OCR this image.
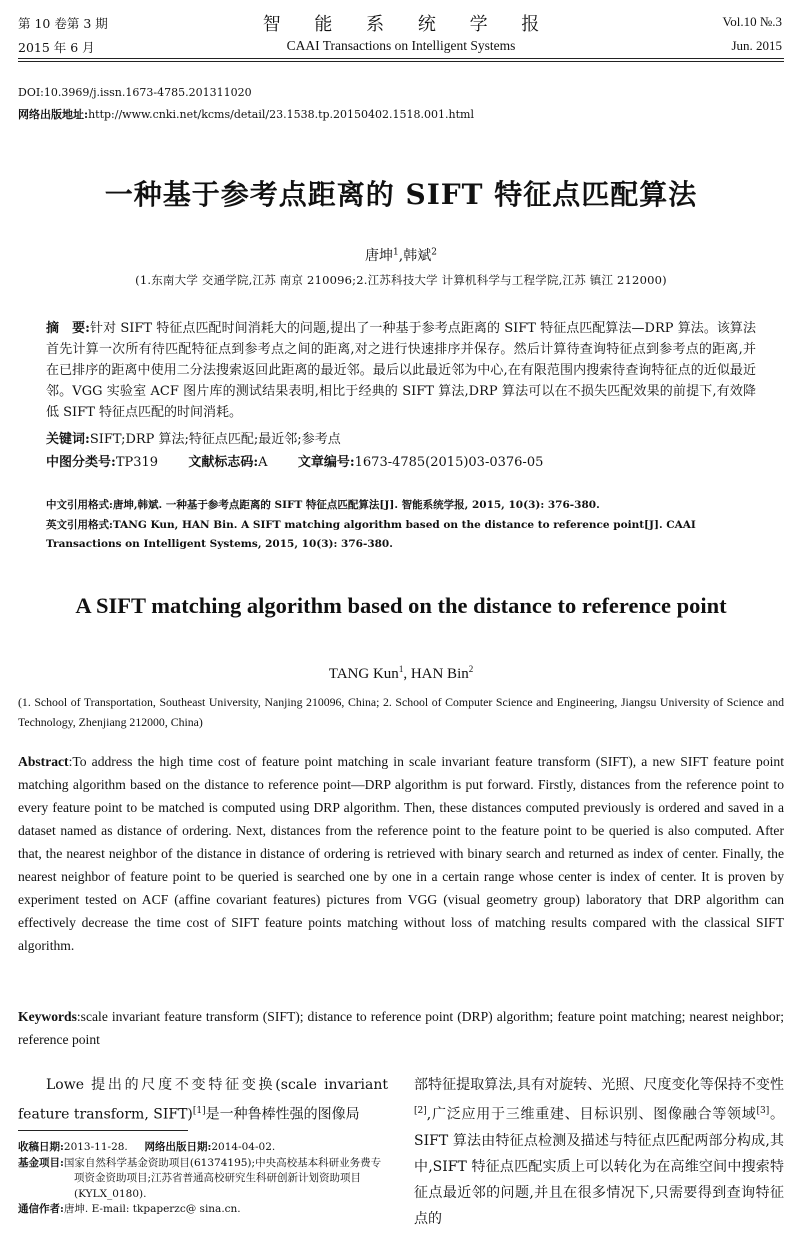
第 10 卷第 3 期
2015 年 6 月
智 能 系 统 学 报
CAAI Transactions on Intelligent Systems
Vol.10 №.3
Jun. 2015
DOI:10.3969/j.issn.1673-4785.201311020
网络出版地址:http://www.cnki.net/kcms/detail/23.1538.tp.20150402.1518.001.html
一种基于参考点距离的 SIFT 特征点匹配算法
唐坤$^1$,韩斌$^2$
(1.东南大学 交通学院,江苏 南京 210096;2.江苏科技大学 计算机科学与工程学院,江苏 镇江 212000)
摘　要:针对 SIFT 特征点匹配时间消耗大的问题,提出了一种基于参考点距离的 SIFT 特征点匹配算法—DRP 算法。该算法首先计算一次所有待匹配特征点到参考点之间的距离,对之进行快速排序并保存。然后计算待查询特征点到参考点的距离,并在已排序的距离中使用二分法搜索返回此距离的最近邻。最后以此最近邻为中心,在有限范围内搜索待查询特征点的近似最近邻。VGG 实验室 ACF 图片库的测试结果表明,相比于经典的 SIFT 算法,DRP 算法可以在不损失匹配效果的前提下,有效降低 SIFT 特征点匹配的时间消耗。
关键词:SIFT;DRP 算法;特征点匹配;最近邻;参考点
中图分类号:TP319 文献标志码:A 文章编号:1673-4785(2015)03-0376-05
中文引用格式:唐坤,韩斌. 一种基于参考点距离的 SIFT 特征点匹配算法[J]. 智能系统学报, 2015, 10(3): 376-380.
英文引用格式:TANG Kun, HAN Bin. A SIFT matching algorithm based on the distance to reference point[J]. CAAI Transactions on Intelligent Systems, 2015, 10(3): 376-380.
A SIFT matching algorithm based on the distance to reference point
TANG Kun$^1$, HAN Bin$^2$
(1. School of Transportation, Southeast University, Nanjing 210096, China; 2. School of Computer Science and Engineering, Jiangsu University of Science and Technology, Zhenjiang 212000, China)
Abstract:To address the high time cost of feature point matching in scale invariant feature transform (SIFT), a new SIFT feature point matching algorithm based on the distance to reference point—DRP algorithm is put forward. Firstly, distances from the reference point to every feature point to be matched is computed using DRP algorithm. Then, these distances computed previously is ordered and saved in a dataset named as distance of ordering. Next, distances from the reference point to the feature point to be queried is also computed. After that, the nearest neighbor of the distance in distance of ordering is retrieved with binary search and returned as index of center. Finally, the nearest neighbor of feature point to be queried is searched one by one in a certain range whose center is index of center. It is proven by experiment tested on ACF (affine covariant features) pictures from VGG (visual geometry group) laboratory that DRP algorithm can effectively decrease the time cost of SIFT feature points matching without loss of matching results compared with the classical SIFT algorithm.
Keywords:scale invariant feature transform (SIFT); distance to reference point (DRP) algorithm; feature point matching; nearest neighbor; reference point
Lowe 提出的尺度不变特征变换(scale invariant feature transform, SIFT)[1]是一种鲁棒性强的图像局
收稿日期:2013-11-28. 网络出版日期:2014-04-02.
基金项目:国家自然科学基金资助项目(61374195);中央高校基本科研业务费专项资金资助项目;江苏省普通高校研究生科研创新计划资助项目(KYLX_0180).
通信作者:唐坤. E-mail: tkpaperzc@ sina.cn.
部特征提取算法,具有对旋转、光照、尺度变化等保持不变性[2],广泛应用于三维重建、目标识别、图像融合等领域[3]。SIFT 算法由特征点检测及描述与特征点匹配两部分构成,其中,SIFT 特征点匹配实质上可以转化为在高维空间中搜索特征点最近邻的问题,并且在很多情况下,只需要得到查询特征点的
